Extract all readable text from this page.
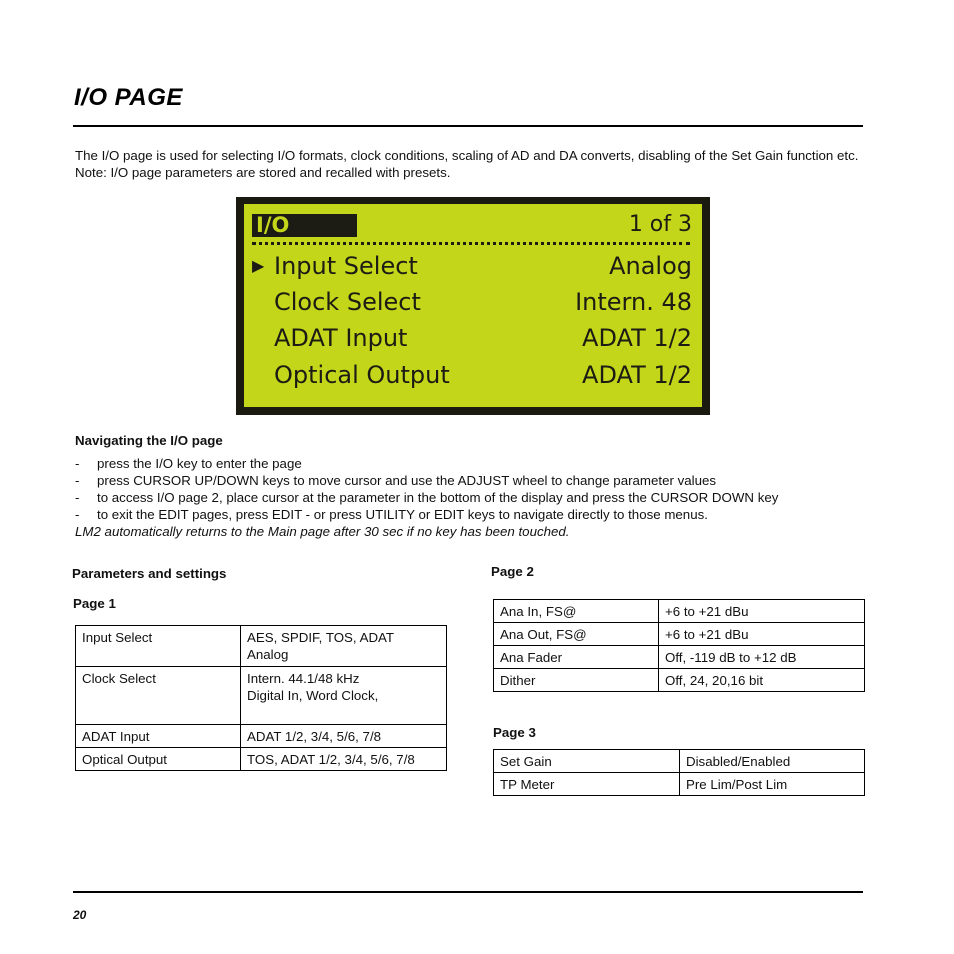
I/O PAGE
The I/O page is used for selecting I/O formats, clock conditions, scaling of AD and DA converts, disabling of the Set Gain function etc. Note: I/O page parameters are stored and recalled with presets.
I/O	1 of 3
▶ Input Select	Analog
Clock Select	Intern. 48
ADAT Input	ADAT 1/2
Optical Output	ADAT 1/2
Navigating the I/O page
- press the I/O key to enter the page
- press CURSOR UP/DOWN keys to move cursor and use the ADJUST wheel to change parameter values
- to access I/O page 2, place cursor at the parameter in the bottom of the display and press the CURSOR DOWN key
- to exit the EDIT pages, press EDIT - or press UTILITY or EDIT keys to navigate directly to those menus.
LM2 automatically returns to the Main page after 30 sec if no key has been touched.
Parameters and settings
Page 1
Page 2
Page 3
Input Select	AES, SPDIF, TOS, ADAT
Analog

Clock Select	Intern. 44.1/48 kHz
Digital In, Word Clock,

ADAT Input	ADAT 1/2, 3/4, 5/6, 7/8
Optical Output	TOS, ADAT 1/2, 3/4, 5/6, 7/8
Ana In, FS@	+6 to +21 dBu
Ana Out, FS@	+6 to +21 dBu
Ana Fader	Off, -119 dB to +12 dB
Dither	Off, 24, 20,16 bit
Set Gain	Disabled/Enabled
TP Meter	Pre Lim/Post Lim
20
